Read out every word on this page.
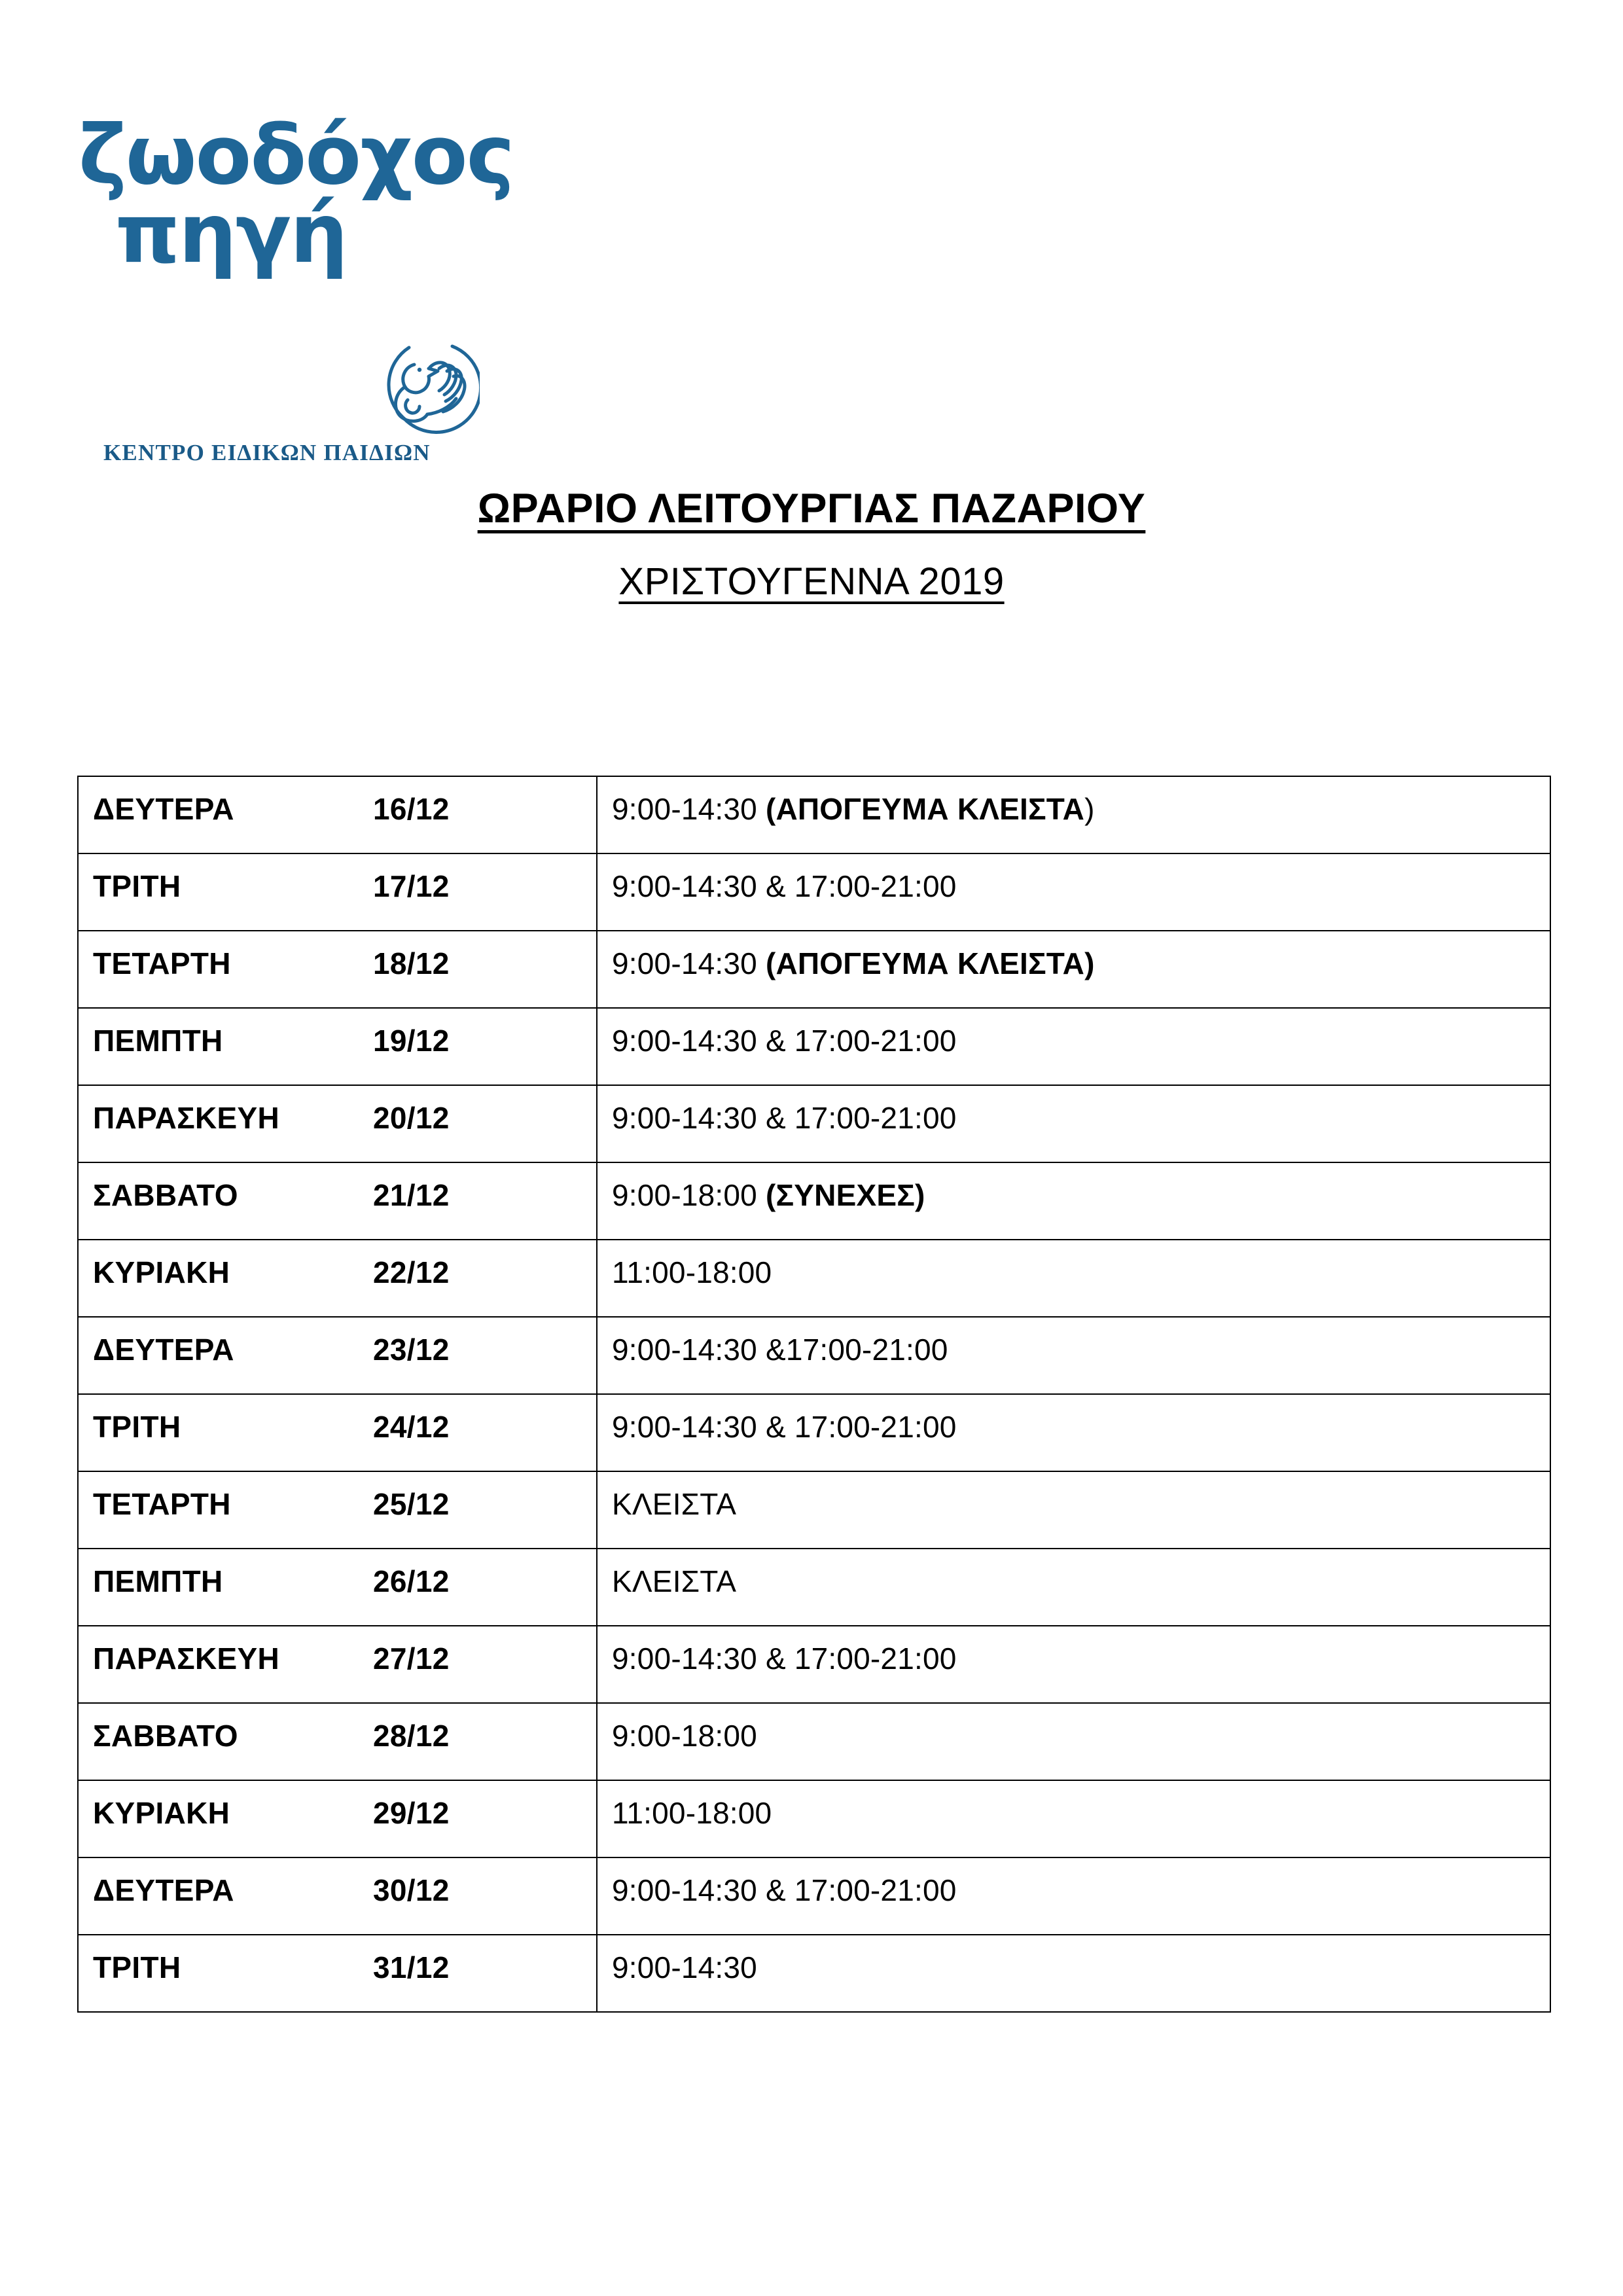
ζωοδόχος
πηγή
ΚΕΝΤΡΟ ΕΙΔΙΚΩΝ ΠΑΙΔΙΩΝ
ΩΡΑΡΙΟ ΛΕΙΤΟΥΡΓΙΑΣ ΠΑΖΑΡΙΟΥ
ΧΡΙΣΤΟΥΓΕΝΝΑ 2019
ΔΕΥΤΕΡΑ 16/12	9:00-14:30 (ΑΠΟΓΕΥΜΑ ΚΛΕΙΣΤΑ)

ΤΡΙΤΗ 17/12	9:00-14:30 & 17:00-21:00

ΤΕΤΑΡΤΗ 18/12	9:00-14:30 (ΑΠΟΓΕΥΜΑ ΚΛΕΙΣΤΑ)

ΠΕΜΠΤΗ 19/12	9:00-14:30 & 17:00-21:00

ΠΑΡΑΣΚΕΥΗ 20/12	9:00-14:30 & 17:00-21:00

ΣΑΒΒΑΤΟ 21/12	9:00-18:00 (ΣΥΝΕΧΕΣ)

ΚΥΡΙΑΚΗ 22/12	11:00-18:00

ΔΕΥΤΕΡΑ 23/12	9:00-14:30 &17:00-21:00

ΤΡΙΤΗ 24/12	9:00-14:30 & 17:00-21:00

ΤΕΤΑΡΤΗ 25/12	ΚΛΕΙΣΤΑ

ΠΕΜΠΤΗ 26/12	ΚΛΕΙΣΤΑ

ΠΑΡΑΣΚΕΥΗ 27/12	9:00-14:30 & 17:00-21:00

ΣΑΒΒΑΤΟ 28/12	9:00-18:00

ΚΥΡΙΑΚΗ 29/12	11:00-18:00

ΔΕΥΤΕΡΑ 30/12	9:00-14:30 & 17:00-21:00

ΤΡΙΤΗ 31/12	9:00-14:30
